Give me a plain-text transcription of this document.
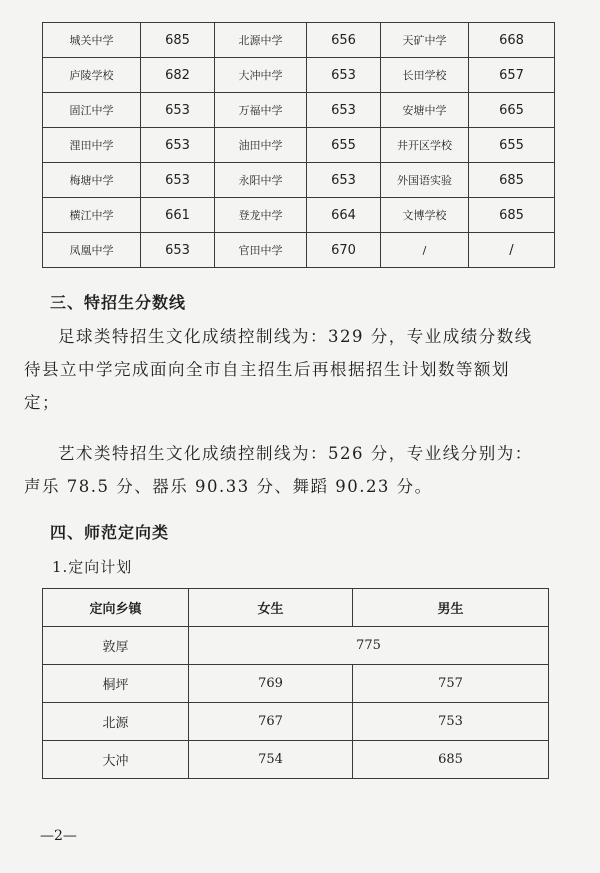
城关中学	685	北源中学	656	天矿中学	668
庐陵学校	682	大冲中学	653	长田学校	657
固江中学	653	万福中学	653	安塘中学	665
浬田中学	653	油田中学	655	井开区学校	655
梅塘中学	653	永阳中学	653	外国语实验	685
横江中学	661	登龙中学	664	文博学校	685
凤凰中学	653	官田中学	670	/	/
三、特招生分数线

足球类特招生文化成绩控制线为：329 分，专业成绩分数线

待县立中学完成面向全市自主招生后再根据招生计划数等额划

定；

艺术类特招生文化成绩控制线为：526 分，专业线分别为：

声乐 78.5 分、器乐 90.33 分、舞蹈 90.23 分。

四、师范定向类
1.定向计划
定向乡镇	女生	男生
敦厚	775	
桐坪	769	757
北源	767	753
大冲	754	685
—2—
